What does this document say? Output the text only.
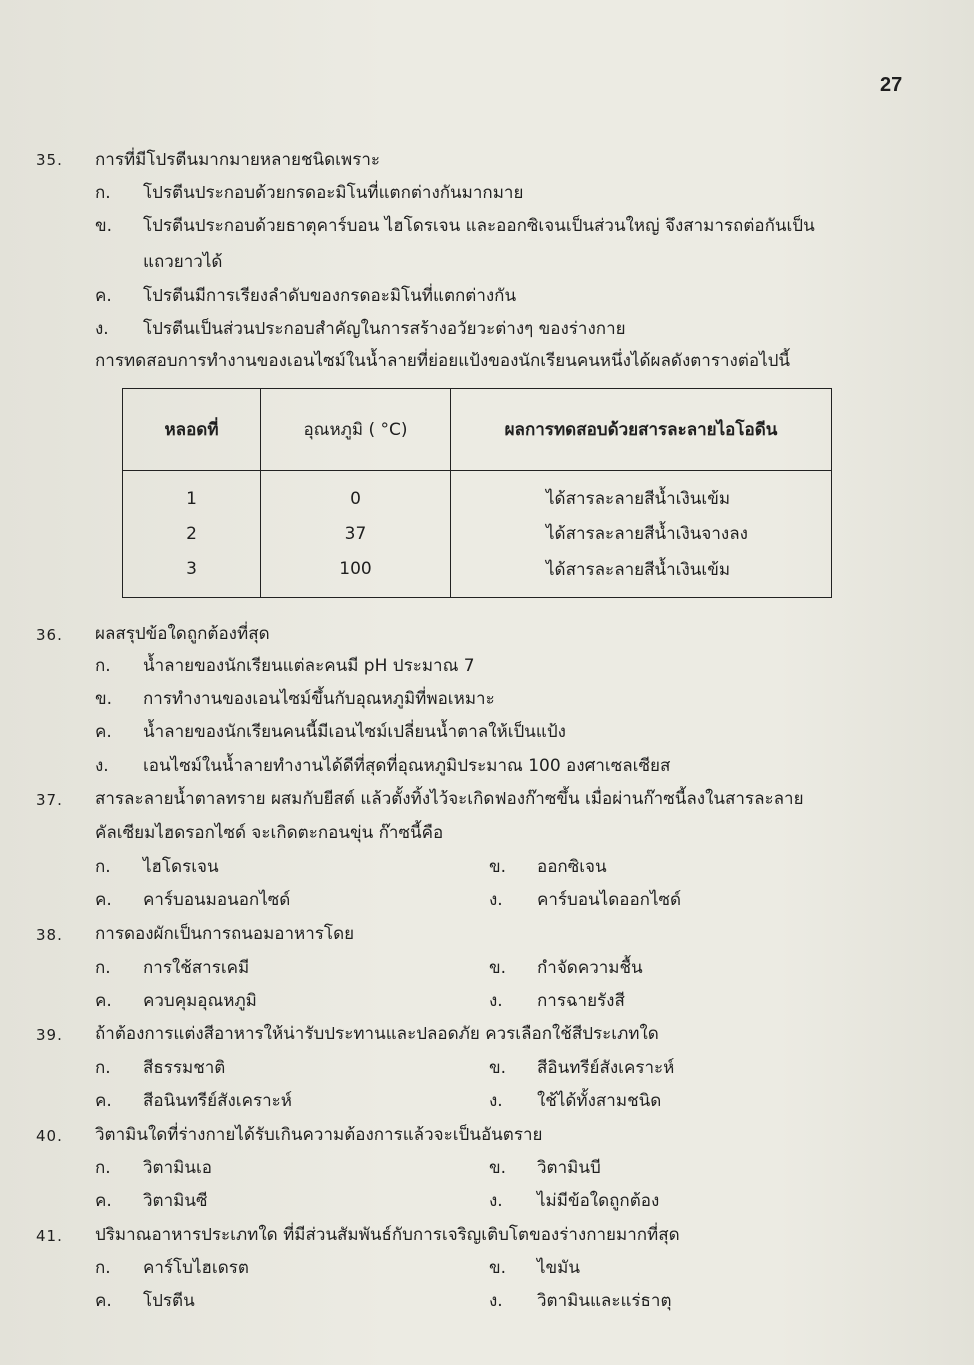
27
35. การที่มีโปรตีนมากมายหลายชนิดเพราะ
ก. โปรตีนประกอบด้วยกรดอะมิโนที่แตกต่างกันมากมาย
ข. โปรตีนประกอบด้วยธาตุคาร์บอน ไฮโดรเจน และออกซิเจนเป็นส่วนใหญ่ จึงสามารถต่อกันเป็น
แถวยาวได้
ค. โปรตีนมีการเรียงลำดับของกรดอะมิโนที่แตกต่างกัน
ง. โปรตีนเป็นส่วนประกอบสำคัญในการสร้างอวัยวะต่างๆ ของร่างกาย
การทดสอบการทำงานของเอนไซม์ในน้ำลายที่ย่อยแป้งของนักเรียนคนหนึ่งได้ผลดังตารางต่อไปนี้
หลอดที่	อุณหภูมิ ( °C)	ผลการทดสอบด้วยสารละลายไอโอดีน

1	0	ได้สารละลายสีน้ำเงินเข้ม
2	37	ได้สารละลายสีน้ำเงินจางลง
3	100	ได้สารละลายสีน้ำเงินเข้ม

36. ผลสรุปข้อใดถูกต้องที่สุด
ก. น้ำลายของนักเรียนแต่ละคนมี pH ประมาณ 7
ข. การทำงานของเอนไซม์ขึ้นกับอุณหภูมิที่พอเหมาะ
ค. น้ำลายของนักเรียนคนนี้มีเอนไซม์เปลี่ยนน้ำตาลให้เป็นแป้ง
ง. เอนไซม์ในน้ำลายทำงานได้ดีที่สุดที่อุณหภูมิประมาณ 100 องศาเซลเซียส
37. สารละลายน้ำตาลทราย ผสมกับยีสต์ แล้วตั้งทิ้งไว้จะเกิดฟองก๊าซขึ้น เมื่อผ่านก๊าซนี้ลงในสารละลาย
คัลเซียมไฮดรอกไซด์ จะเกิดตะกอนขุ่น ก๊าซนี้คือ
ก. ไฮโดรเจน	ข. ออกซิเจน
ค. คาร์บอนมอนอกไซด์	ง. คาร์บอนไดออกไซด์
38. การดองผักเป็นการถนอมอาหารโดย
ก. การใช้สารเคมี	ข. กำจัดความชื้น
ค. ควบคุมอุณหภูมิ	ง. การฉายรังสี
39. ถ้าต้องการแต่งสีอาหารให้น่ารับประทานและปลอดภัย ควรเลือกใช้สีประเภทใด
ก. สีธรรมชาติ	ข. สีอินทรีย์สังเคราะห์
ค. สีอนินทรีย์สังเคราะห์	ง. ใช้ได้ทั้งสามชนิด
40. วิตามินใดที่ร่างกายได้รับเกินความต้องการแล้วจะเป็นอันตราย
ก. วิตามินเอ	ข. วิตามินบี
ค. วิตามินซี	ง. ไม่มีข้อใดถูกต้อง
41. ปริมาณอาหารประเภทใด ที่มีส่วนสัมพันธ์กับการเจริญเติบโตของร่างกายมากที่สุด
ก. คาร์โบไฮเดรต	ข. ไขมัน
ค. โปรตีน	ง. วิตามินและแร่ธาตุ
